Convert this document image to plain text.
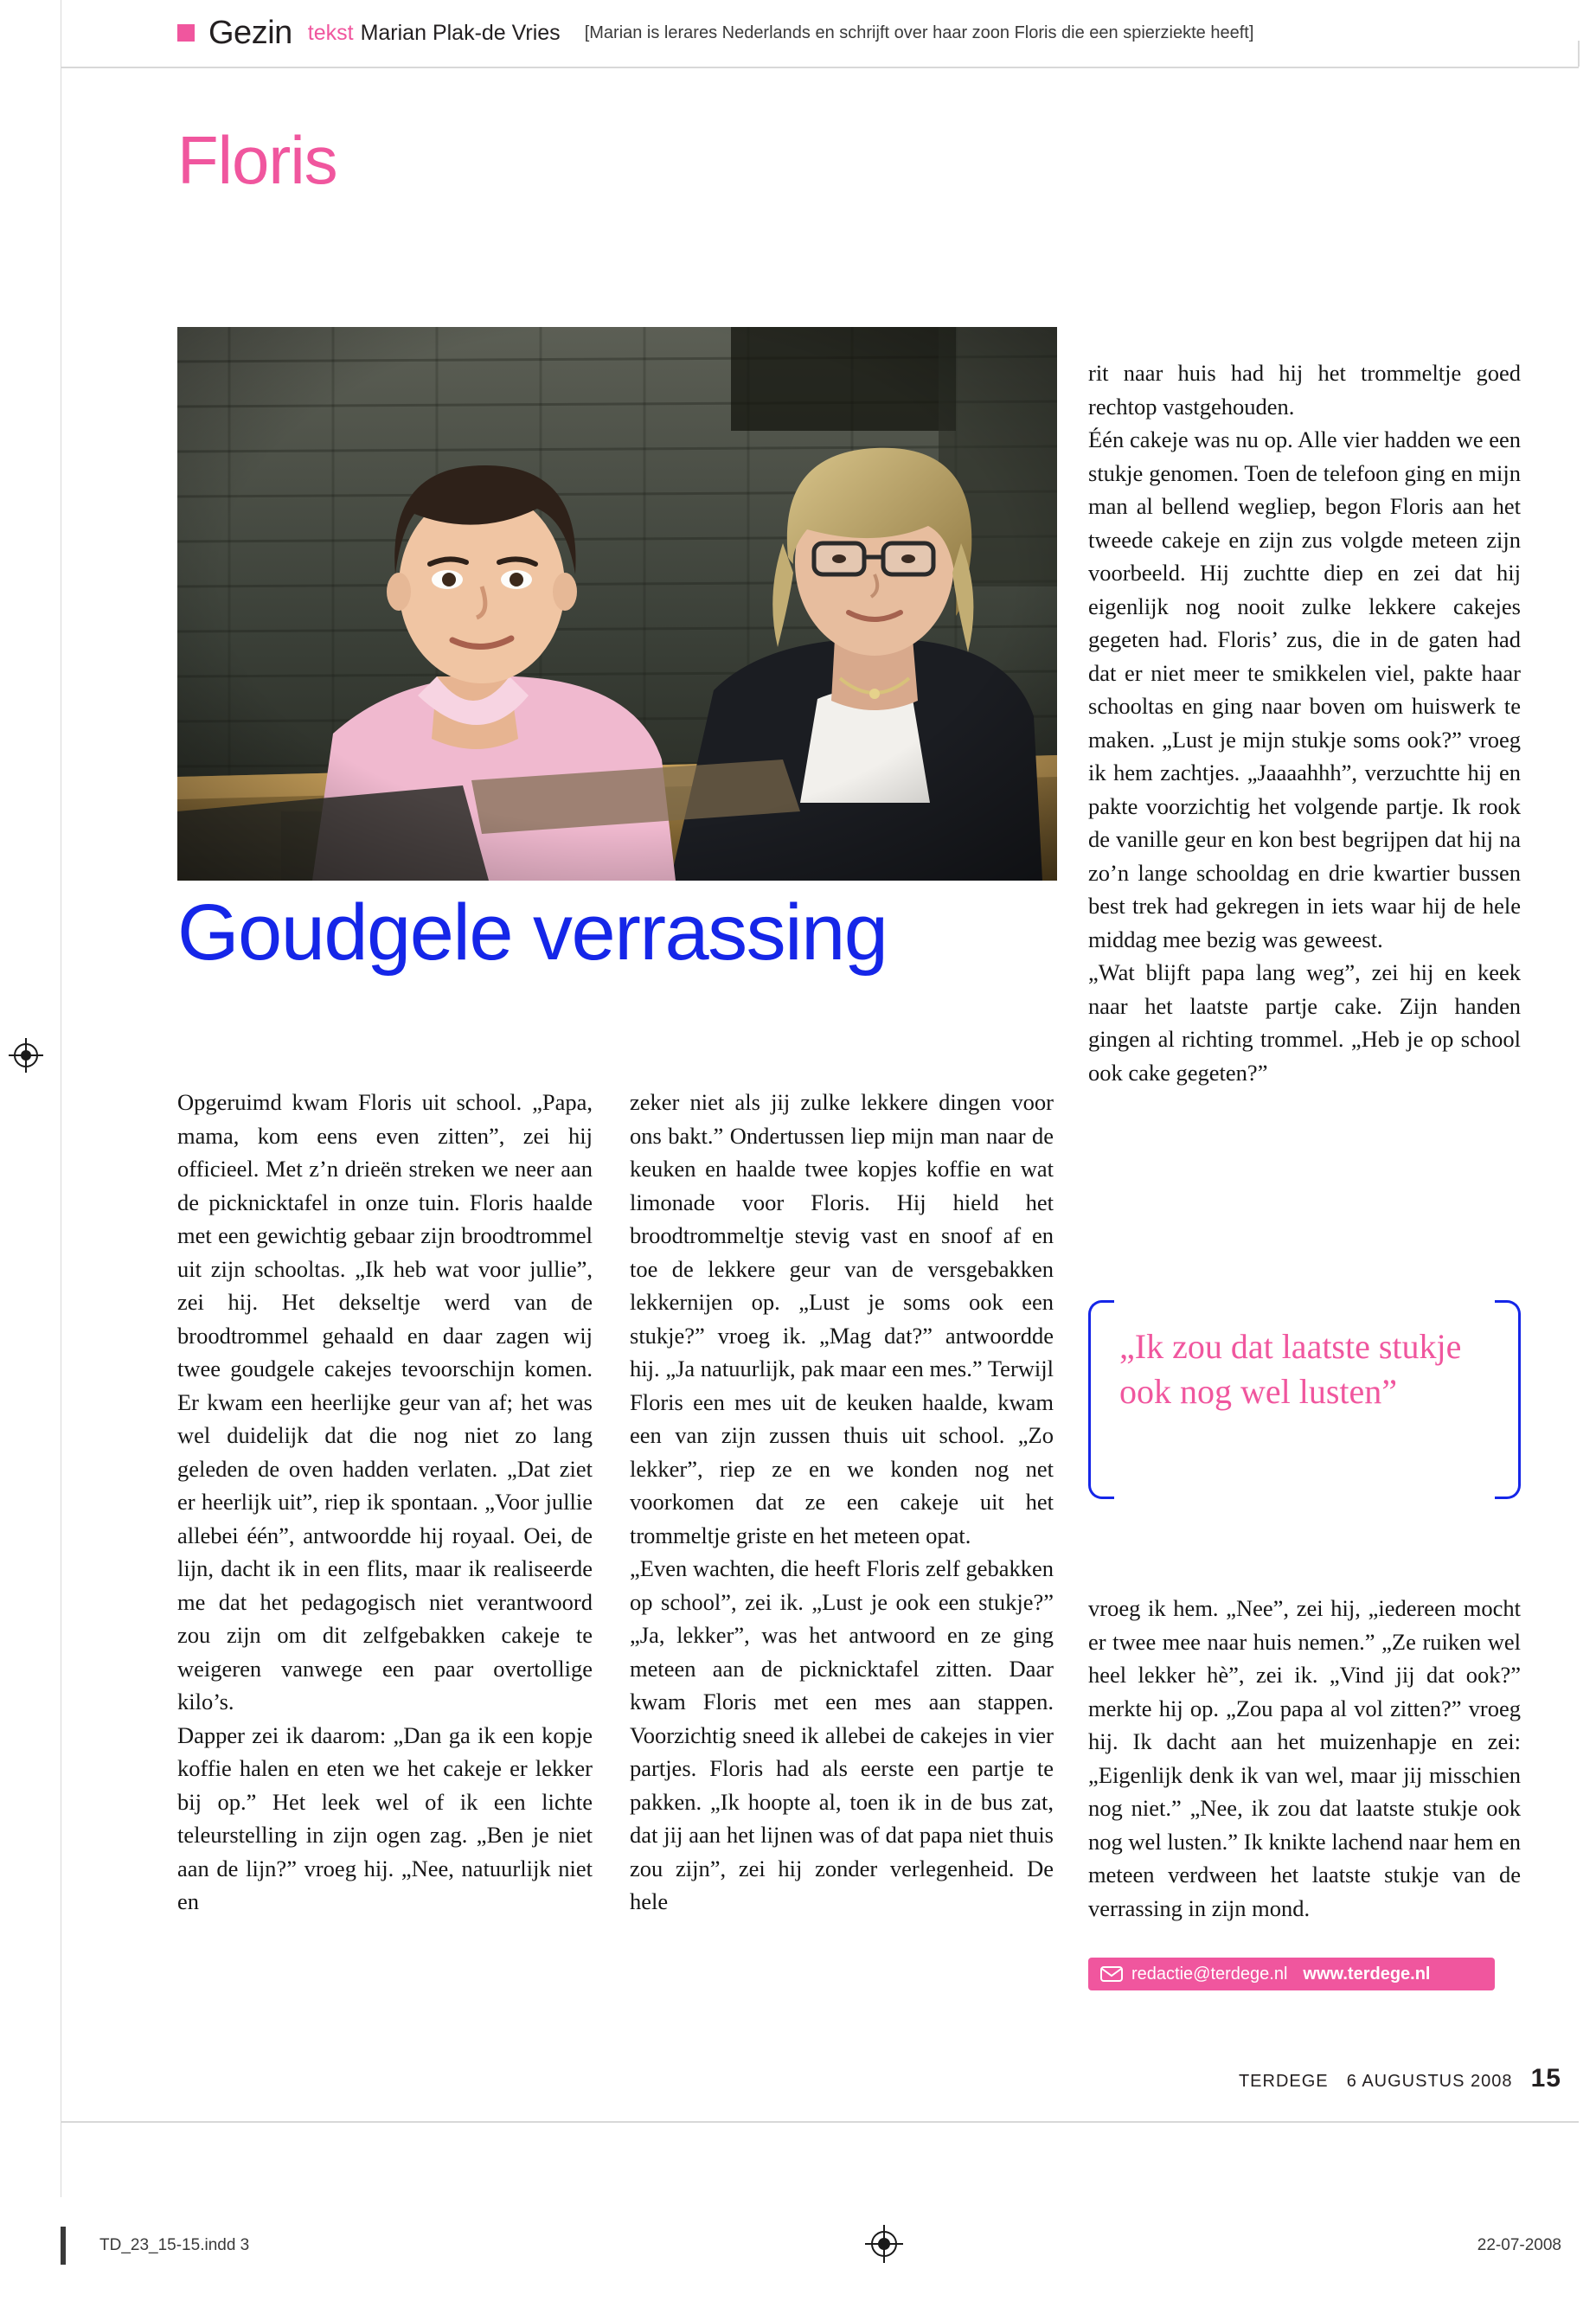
Gezin tekst Marian Plak-de Vries [Marian is lerares Nederlands en schrijft over haar zoon Floris die een spierziekte heeft]
Floris
Goudgele verrassing

Opgeruimd kwam Floris uit school. „Papa, mama, kom eens even zitten”, zei hij officieel. Met z’n drieën streken we neer aan de picknicktafel in onze tuin. Floris haalde met een gewichtig gebaar zijn broodtrommel uit zijn schooltas. „Ik heb wat voor jullie”, zei hij. Het dekseltje werd van de broodtrommel gehaald en daar zagen wij twee goudgele cakejes tevoorschijn komen. Er kwam een heerlijke geur van af; het was wel duidelijk dat die nog niet zo lang geleden de oven hadden verlaten. „Dat ziet er heerlijk uit”, riep ik spontaan. „Voor jullie allebei één”, antwoordde hij royaal. Oei, de lijn, dacht ik in een flits, maar ik realiseerde me dat het pedagogisch niet verantwoord zou zijn om dit zelfgebakken cakeje te weigeren vanwege een paar overtollige kilo’s.

Dapper zei ik daarom: „Dan ga ik een kopje koffie halen en eten we het cakeje er lekker bij op.” Het leek wel of ik een lichte teleurstelling in zijn ogen zag. „Ben je niet aan de lijn?” vroeg hij. „Nee, natuurlijk niet en

zeker niet als jij zulke lekkere dingen voor ons bakt.” Ondertussen liep mijn man naar de keuken en haalde twee kopjes koffie en wat limonade voor Floris. Hij hield het broodtrommeltje stevig vast en snoof af en toe de lekkere geur van de versgebakken lekkernijen op. „Lust je soms ook een stukje?” vroeg ik. „Mag dat?” antwoordde hij. „Ja natuurlijk, pak maar een mes.” Terwijl Floris een mes uit de keuken haalde, kwam een van zijn zussen thuis uit school. „Zo lekker”, riep ze en we konden nog net voorkomen dat ze een cakeje uit het trommeltje griste en het meteen opat.

„Even wachten, die heeft Floris zelf gebakken op school”, zei ik. „Lust je ook een stukje?” „Ja, lekker”, was het antwoord en ze ging meteen aan de picknicktafel zitten. Daar kwam Floris met een mes aan stappen. Voorzichtig sneed ik allebei de cakejes in vier partjes. Floris had als eerste een partje te pakken. „Ik hoopte al, toen ik in de bus zat, dat jij aan het lijnen was of dat papa niet thuis zou zijn”, zei hij zonder verlegenheid. De hele

rit naar huis had hij het trommeltje goed rechtop vastgehouden.

Één cakeje was nu op. Alle vier hadden we een stukje genomen. Toen de telefoon ging en mijn man al bellend wegliep, begon Floris aan het tweede cakeje en zijn zus volgde meteen zijn voorbeeld. Hij zuchtte diep en zei dat hij eigenlijk nog nooit zulke lekkere cakejes gegeten had. Floris’ zus, die in de gaten had dat er niet meer te smikkelen viel, pakte haar schooltas en ging naar boven om huiswerk te maken. „Lust je mijn stukje soms ook?” vroeg ik hem zachtjes. „Jaaaahhh”, verzuchtte hij en pakte voorzichtig het volgende partje. Ik rook de vanille geur en kon best begrijpen dat hij na zo’n lange schooldag en drie kwartier bussen best trek had gekregen in iets waar hij de hele middag mee bezig was geweest.

„Wat blijft papa lang weg”, zei hij en keek naar het laatste partje cake. Zijn handen gingen al richting trommel. „Heb je op school ook cake gegeten?”

vroeg ik hem. „Nee”, zei hij, „iedereen mocht er twee mee naar huis nemen.” „Ze ruiken wel heel lekker hè”, zei ik. „Vind jij dat ook?” merkte hij op. „Zou papa al vol zitten?” vroeg hij. Ik dacht aan het muizenhapje en zei: „Eigenlijk denk ik van wel, maar jij misschien nog niet.” „Nee, ik zou dat laatste stukje ook nog wel lusten.” Ik knikte lachend naar hem en meteen verdween het laatste stukje van de verrassing in zijn mond.

„Ik zou dat laatste stukje ook nog wel lusten”
redactie@terdege.nl www.terdege.nl
TERDEGE 6 AUGUSTUS 2008 15
TD_23_15-15.indd 3	22-07-2008
